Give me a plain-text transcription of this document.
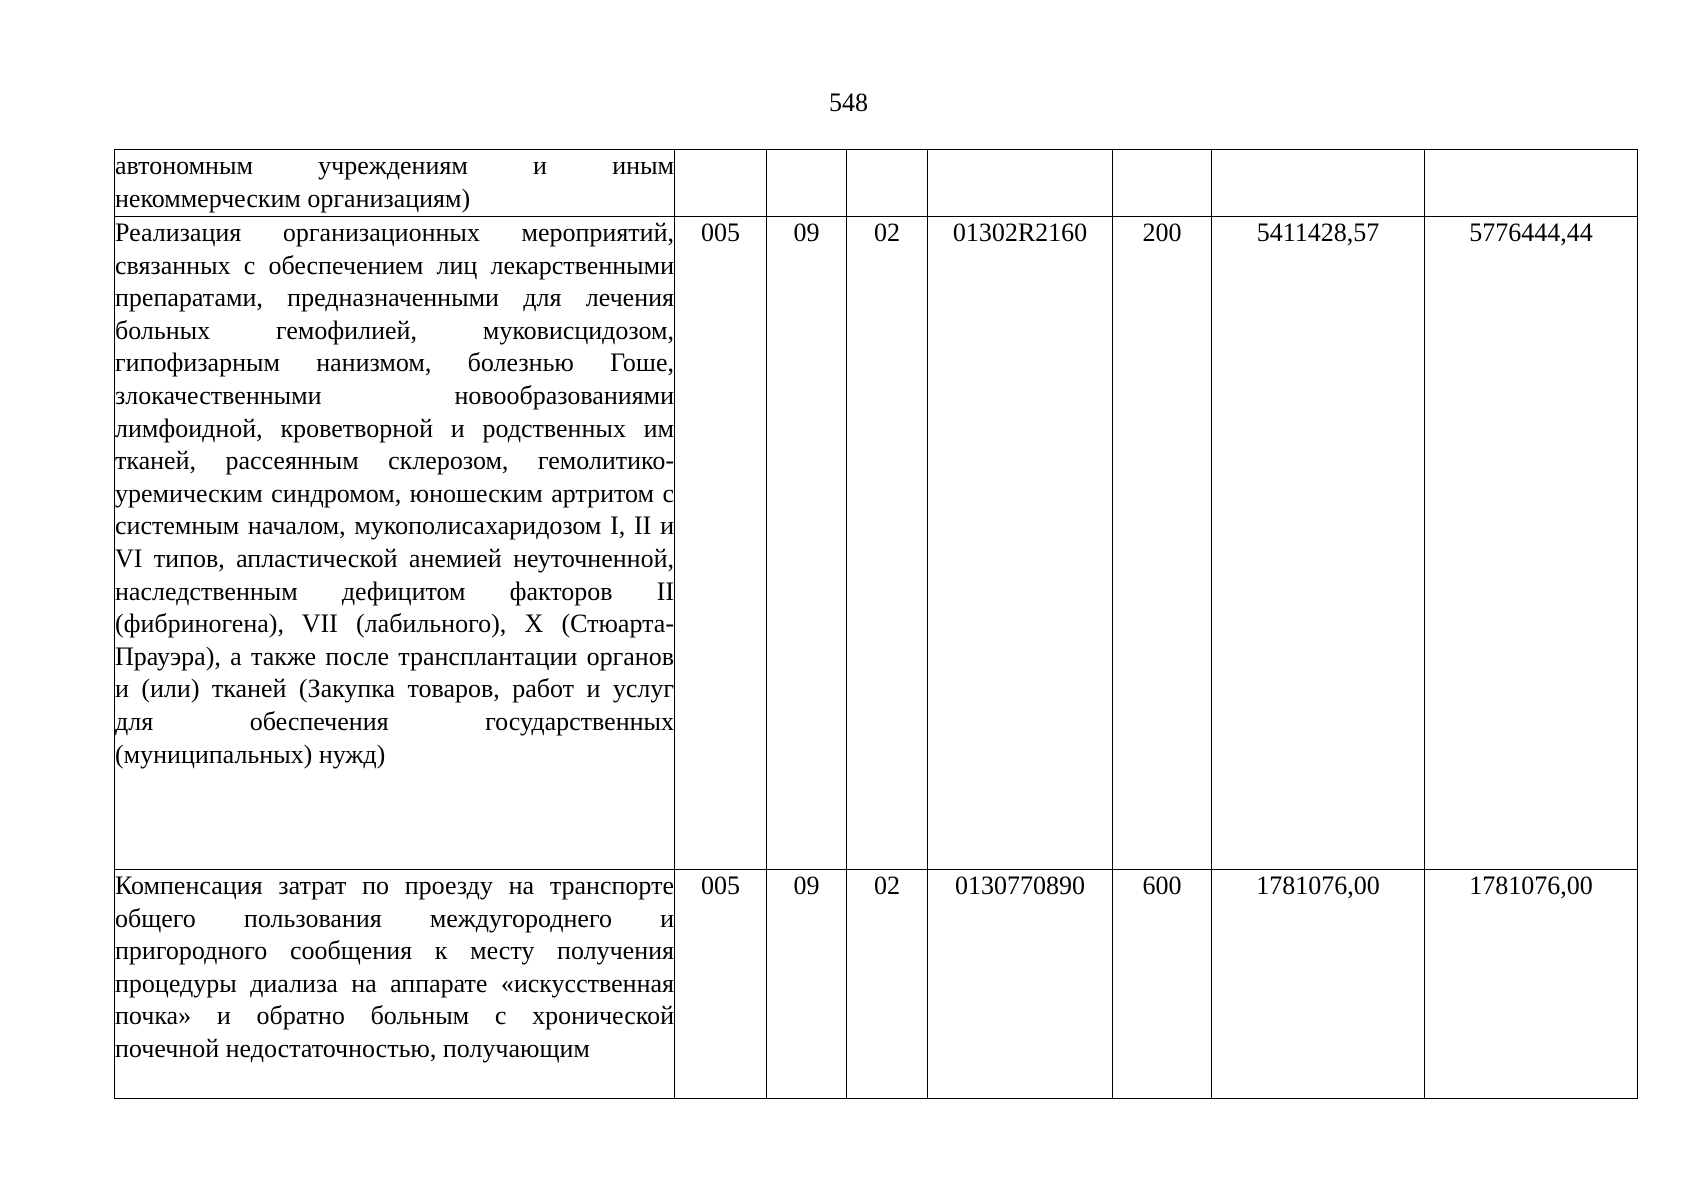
548
автономным учреждениям и иным некоммерческим организациям)							
Реализация организационных мероприятий, связанных с обеспечением лиц лекарственными препаратами, предназначенными для лечения больных гемофилией, муковисцидозом, гипофизарным нанизмом, болезнью Гоше, злокачественными новообразованиями лимфоидной, кроветворной и родственных им тканей, рассеянным склерозом, гемолитико-уремическим синдромом, юношеским артритом с системным началом, мукополисахаридозом I, II и VI типов, апластической анемией неуточненной, наследственным дефицитом факторов II (фибриногена), VII (лабильного), X (Стюарта-Прауэра), а также после трансплантации органов и (или) тканей (Закупка товаров, работ и услуг для обеспечения государственных (муниципальных) нужд)	005	09	02	01302R2160	200	5411428,57	5776444,44
Компенсация затрат по проезду на транспорте общего пользования междугороднего и пригородного сообщения к месту получения процедуры диализа на аппарате «искусственная почка» и обратно больным с хронической почечной недостаточностью, получающим	005	09	02	0130770890	600	1781076,00	1781076,00
